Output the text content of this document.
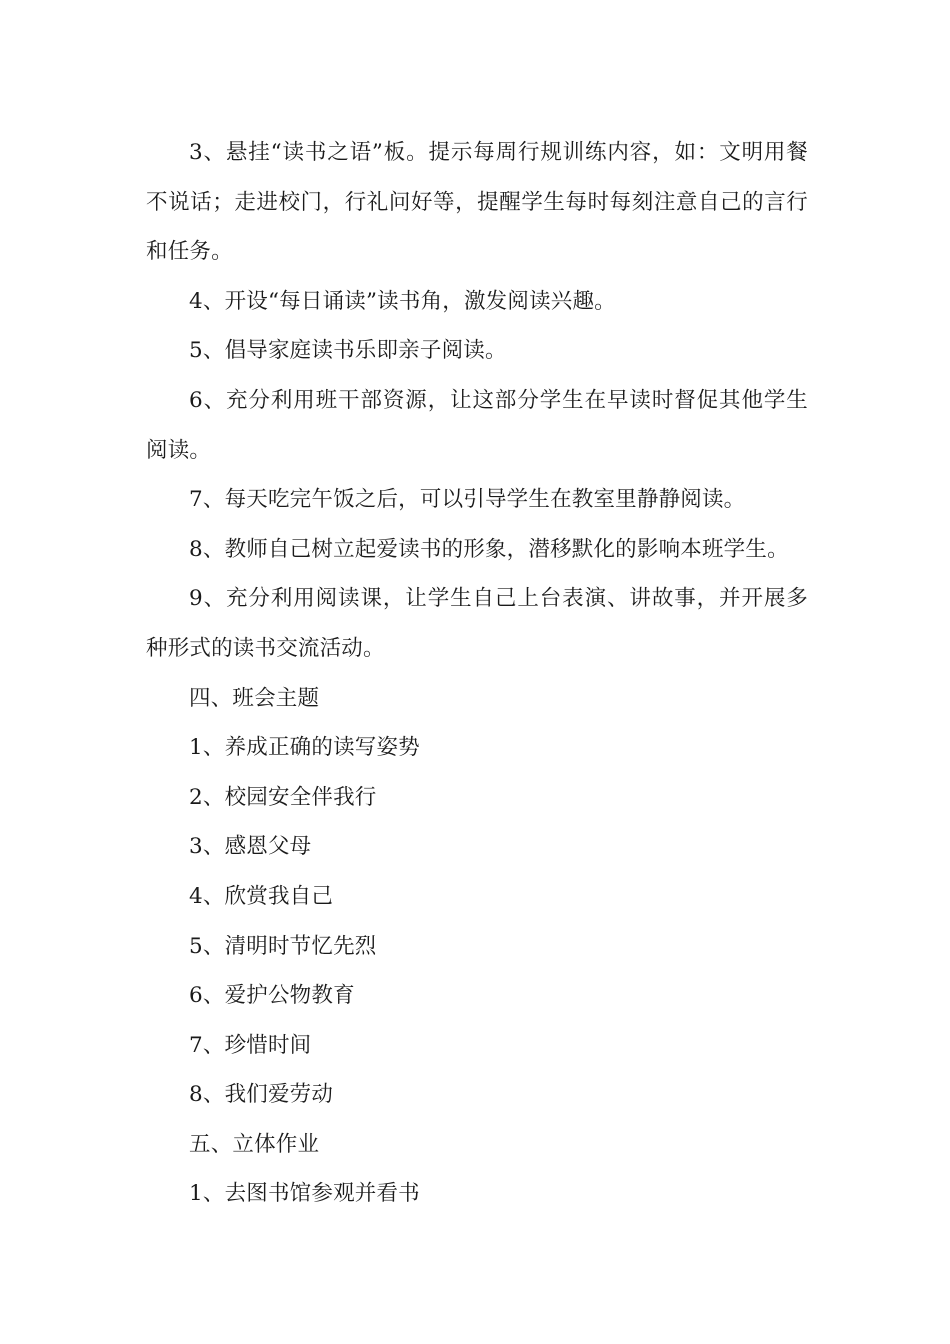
3、悬挂“读书之语”板。提示每周行规训练内容，如：文明用餐不说话；走进校门，行礼问好等，提醒学生每时每刻注意自己的言行和任务。

4、开设“每日诵读”读书角，激发阅读兴趣。

5、倡导家庭读书乐即亲子阅读。

6、充分利用班干部资源，让这部分学生在早读时督促其他学生阅读。

7、每天吃完午饭之后，可以引导学生在教室里静静阅读。

8、教师自己树立起爱读书的形象，潜移默化的影响本班学生。

9、充分利用阅读课，让学生自己上台表演、讲故事，并开展多种形式的读书交流活动。

四、班会主题

1、养成正确的读写姿势

2、校园安全伴我行

3、感恩父母

4、欣赏我自己

5、清明时节忆先烈

6、爱护公物教育

7、珍惜时间

8、我们爱劳动

五、立体作业

1、去图书馆参观并看书
